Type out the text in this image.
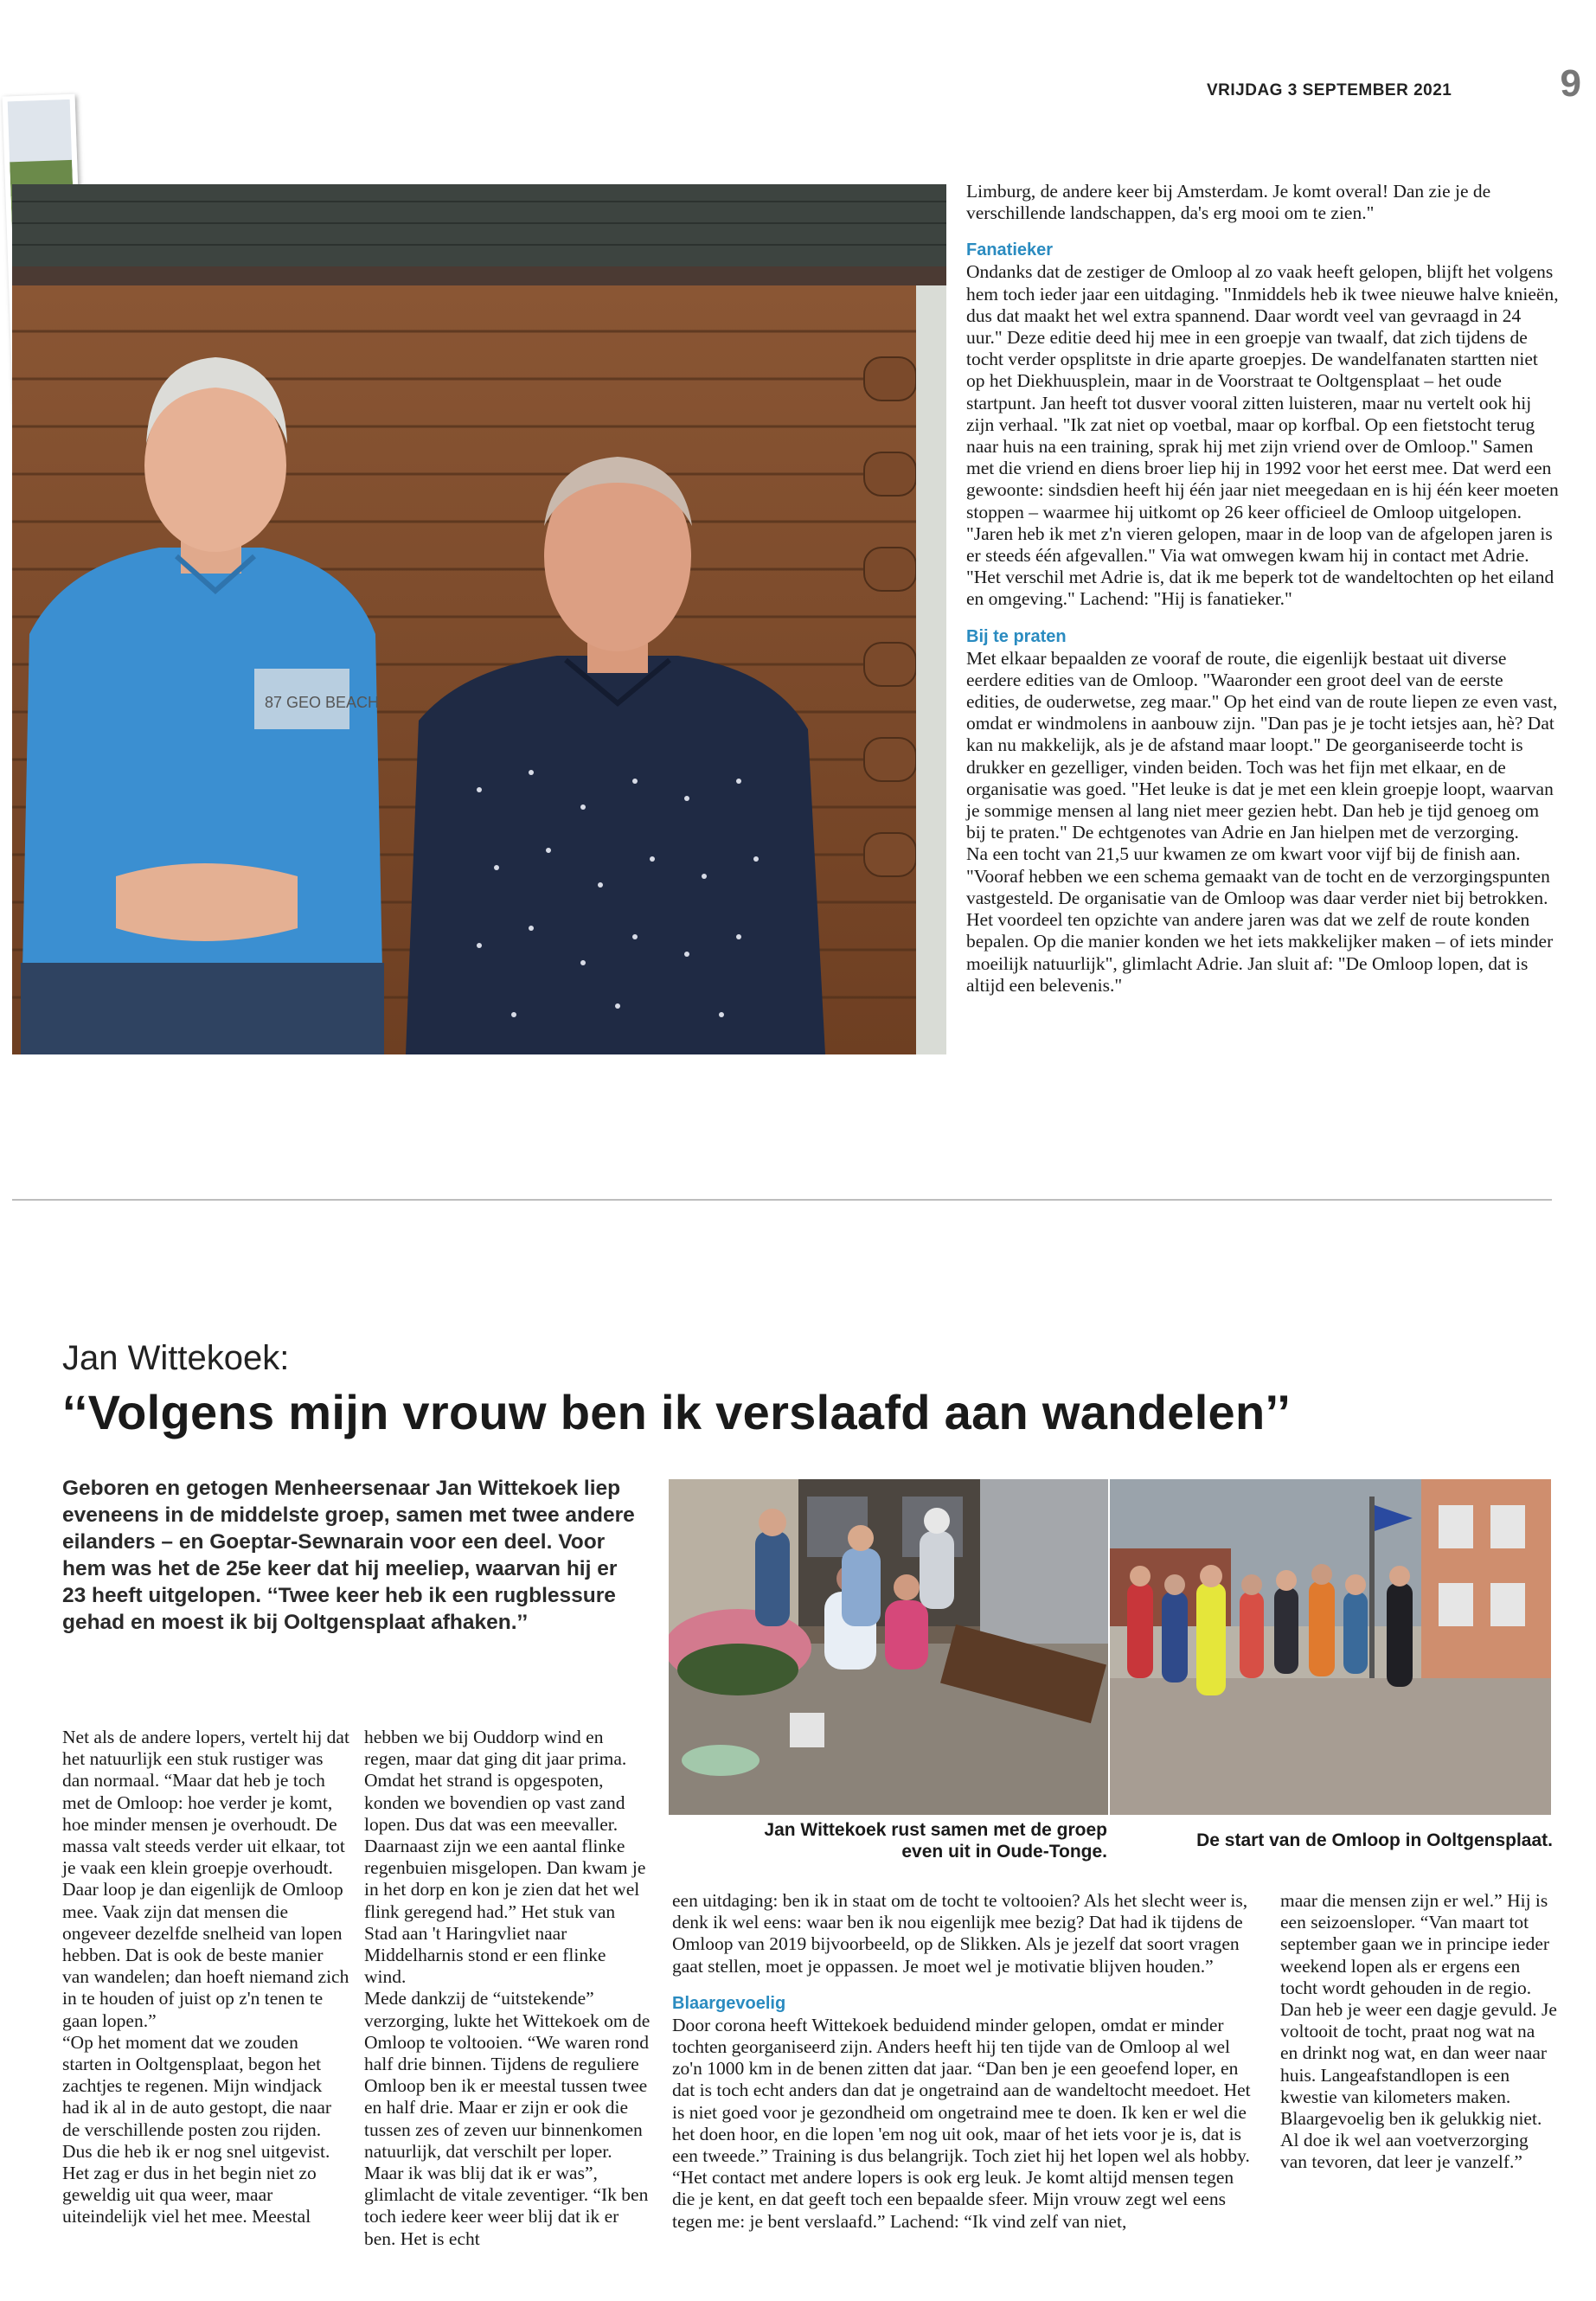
VRIJDAG 3 SEPTEMBER 2021	9
87 GEO BEACH

Limburg, de andere keer bij Amsterdam. Je komt overal! Dan zie je de verschillende landschappen, da's erg mooi om te zien."

Fanatieker

Ondanks dat de zestiger de Omloop al zo vaak heeft gelopen, blijft het volgens hem toch ieder jaar een uitdaging. "Inmiddels heb ik twee nieuwe halve knieën, dus dat maakt het wel extra spannend. Daar wordt veel van gevraagd in 24 uur." Deze editie deed hij mee in een groepje van twaalf, dat zich tijdens de tocht verder opsplitste in drie aparte groepjes. De wandelfanaten startten niet op het Diekhuusplein, maar in de Voorstraat te Ooltgensplaat – het oude startpunt. Jan heeft tot dusver vooral zitten luisteren, maar nu vertelt ook hij zijn verhaal. "Ik zat niet op voetbal, maar op korfbal. Op een fietstocht terug naar huis na een training, sprak hij met zijn vriend over de Omloop." Samen met die vriend en diens broer liep hij in 1992 voor het eerst mee. Dat werd een gewoonte: sindsdien heeft hij één jaar niet meegedaan en is hij één keer moeten stoppen – waarmee hij uitkomt op 26 keer officieel de Omloop uitgelopen. "Jaren heb ik met z'n vieren gelopen, maar in de loop van de afgelopen jaren is er steeds één afgevallen." Via wat omwegen kwam hij in contact met Adrie. "Het verschil met Adrie is, dat ik me beperk tot de wandeltochten op het eiland en omgeving." Lachend: "Hij is fanatieker."

Bij te praten

Met elkaar bepaalden ze vooraf de route, die eigenlijk bestaat uit diverse eerdere edities van de Omloop. "Waaronder een groot deel van de eerste edities, de ouderwetse, zeg maar." Op het eind van de route liepen ze even vast, omdat er windmolens in aanbouw zijn. "Dan pas je je tocht ietsjes aan, hè? Dat kan nu makkelijk, als je de afstand maar loopt." De georganiseerde tocht is drukker en gezelliger, vinden beiden. Toch was het fijn met elkaar, en de organisatie was goed. "Het leuke is dat je met een klein groepje loopt, waarvan je sommige mensen al lang niet meer gezien hebt. Dan heb je tijd genoeg om bij te praten." De echtgenotes van Adrie en Jan hielpen met de verzorging.

Na een tocht van 21,5 uur kwamen ze om kwart voor vijf bij de finish aan. "Vooraf hebben we een schema gemaakt van de tocht en de verzorgingspunten vastgesteld. De organisatie van de Omloop was daar verder niet bij betrokken. Het voordeel ten opzichte van andere jaren was dat we zelf de route konden bepalen. Op die manier konden we het iets makkelijker maken – of iets minder moeilijk natuurlijk", glimlacht Adrie. Jan sluit af: "De Omloop lopen, dat is altijd een belevenis."

Jan Wittekoek:
‘‘Volgens mijn vrouw ben ik verslaafd aan wandelen’’
Geboren en getogen Menheersenaar Jan Wittekoek liep eveneens in de middelste groep, samen met twee andere eilanders – en Goeptar-Sewnarain voor een deel. Voor hem was het de 25e keer dat hij meeliep, waarvan hij er 23 heeft uitgelopen. ‘‘Twee keer heb ik een rugblessure gehad en moest ik bij Ooltgensplaat afhaken.’’
Jan Wittekoek rust samen met de groep even uit in Oude-Tonge.
De start van de Omloop in Ooltgensplaat.

Net als de andere lopers, vertelt hij dat het natuurlijk een stuk rustiger was dan normaal. “Maar dat heb je toch met de Omloop: hoe verder je komt, hoe minder mensen je overhoudt. De massa valt steeds verder uit elkaar, tot je vaak een klein groepje overhoudt. Daar loop je dan eigenlijk de Omloop mee. Vaak zijn dat mensen die ongeveer dezelfde snelheid van lopen hebben. Dat is ook de beste manier van wandelen; dan hoeft niemand zich in te houden of juist op z'n tenen te gaan lopen.”

“Op het moment dat we zouden starten in Ooltgensplaat, begon het zachtjes te regenen. Mijn windjack had ik al in de auto gestopt, die naar de verschillende posten zou rijden. Dus die heb ik er nog snel uitgevist. Het zag er dus in het begin niet zo geweldig uit qua weer, maar uiteindelijk viel het mee. Meestal

hebben we bij Ouddorp wind en regen, maar dat ging dit jaar prima. Omdat het strand is opgespoten, konden we bovendien op vast zand lopen. Dus dat was een meevaller. Daarnaast zijn we een aantal flinke regenbuien misgelopen. Dan kwam je in het dorp en kon je zien dat het wel flink geregend had.” Het stuk van Stad aan 't Haringvliet naar Middelharnis stond er een flinke wind.

Mede dankzij de “uitstekende” verzorging, lukte het Wittekoek om de Omloop te voltooien. “We waren rond half drie binnen. Tijdens de reguliere Omloop ben ik er meestal tussen twee en half drie. Maar er zijn er ook die tussen zes of zeven uur binnenkomen natuurlijk, dat verschilt per loper. Maar ik was blij dat ik er was”, glimlacht de vitale zeventiger. “Ik ben toch iedere keer weer blij dat ik er ben. Het is echt

een uitdaging: ben ik in staat om de tocht te voltooien? Als het slecht weer is, denk ik wel eens: waar ben ik nou eigenlijk mee bezig? Dat had ik tijdens de Omloop van 2019 bijvoorbeeld, op de Slikken. Als je jezelf dat soort vragen gaat stellen, moet je oppassen. Je moet wel je motivatie blijven houden.”

Blaargevoelig

Door corona heeft Wittekoek beduidend minder gelopen, omdat er minder tochten georganiseerd zijn. Anders heeft hij ten tijde van de Omloop al wel zo'n 1000 km in de benen zitten dat jaar. “Dan ben je een geoefend loper, en dat is toch echt anders dan dat je ongetraind aan de wandeltocht meedoet. Het is niet goed voor je gezondheid om ongetraind mee te doen. Ik ken er wel die het doen hoor, en die lopen 'em nog uit ook, maar of het iets voor je is, dat is een tweede.” Training is dus belangrijk. Toch ziet hij het lopen wel als hobby. “Het contact met andere lopers is ook erg leuk. Je komt altijd mensen tegen die je kent, en dat geeft toch een bepaalde sfeer. Mijn vrouw zegt wel eens tegen me: je bent verslaafd.” Lachend: “Ik vind zelf van niet,

maar die mensen zijn er wel.” Hij is een seizoensloper. “Van maart tot september gaan we in principe ieder weekend lopen als er ergens een tocht wordt gehouden in de regio. Dan heb je weer een dagje gevuld. Je voltooit de tocht, praat nog wat na en drinkt nog wat, en dan weer naar huis. Langeafstandlopen is een kwestie van kilometers maken. Blaargevoelig ben ik gelukkig niet. Al doe ik wel aan voetverzorging van tevoren, dat leer je vanzelf.”
